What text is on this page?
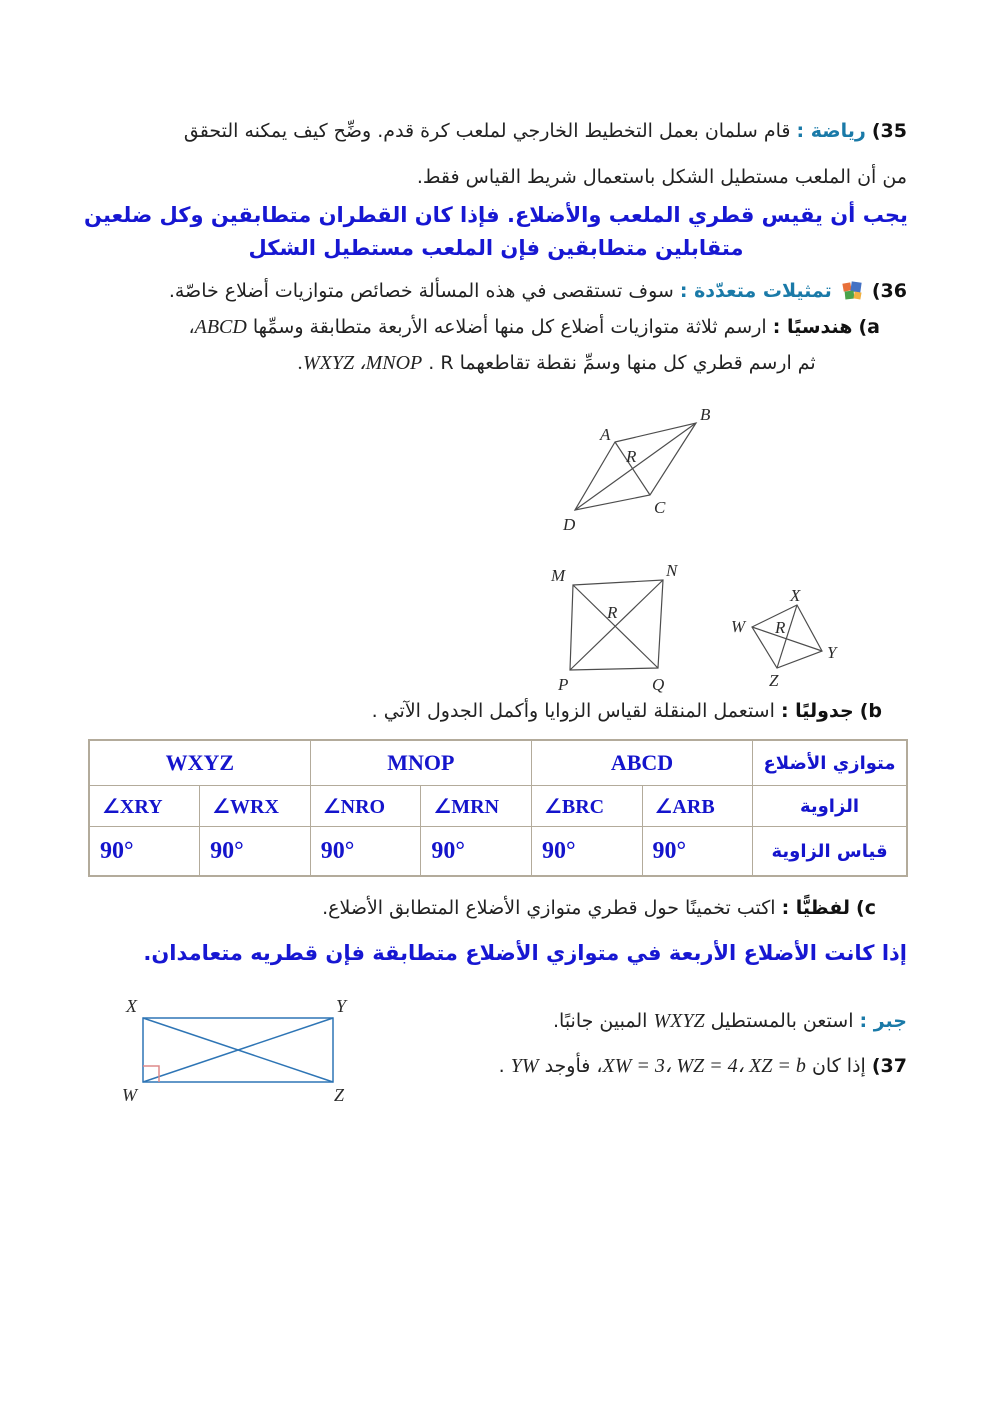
(35 رياضة : قام سلمان بعمل التخطيط الخارجي لملعب كرة قدم. وضِّح كيف يمكنه التحقق
من أن الملعب مستطيل الشكل باستعمال شريط القياس فقط.
يجب أن يقيس قطري الملعب والأضلاع. فإذا كان القطران متطابقين وكل ضلعين
متقابلين متطابقين فإن الملعب مستطيل الشكل
(36
تمثيلات متعدّدة : سوف تستقصى في هذه المسألة خصائص متوازيات أضلاع خاصّة.
(a هندسيًا : ارسم ثلاثة متوازيات أضلاع كل منها أضلاعه الأربعة متطابقة وسمِّها ABCD،
.WXYZ ،MNOP ثم ارسم قطري كل منها وسمِّ نقطة تقاطعهما R .
A
B
C
D
R
M	N
P	Q
R
W
X
Y
Z
R
(b جدوليًا : استعمل المنقلة لقياس الزوايا وأكمل الجدول الآتي .
متوازي الأضلاع	ABCD		MNOP		WXYZ	
الزاوية	∠ARB	∠BRC	∠MRN	∠NRO	∠WRX	∠XRY
قياس الزاوية	90°	90°	90°	90°	90°	90°
(c لفظيًّا : اكتب تخمينًا حول قطري متوازي الأضلاع المتطابق الأضلاع.
إذا كانت الأضلاع الأربعة في متوازي الأضلاع متطابقة فإن قطريه متعامدان.
X	Y
W	Z
جبر : استعن بالمستطيل WXYZ المبين جانبًا.
(37 إذا كان XW = 3، WZ = 4، XZ = b، فأوجد YW .
